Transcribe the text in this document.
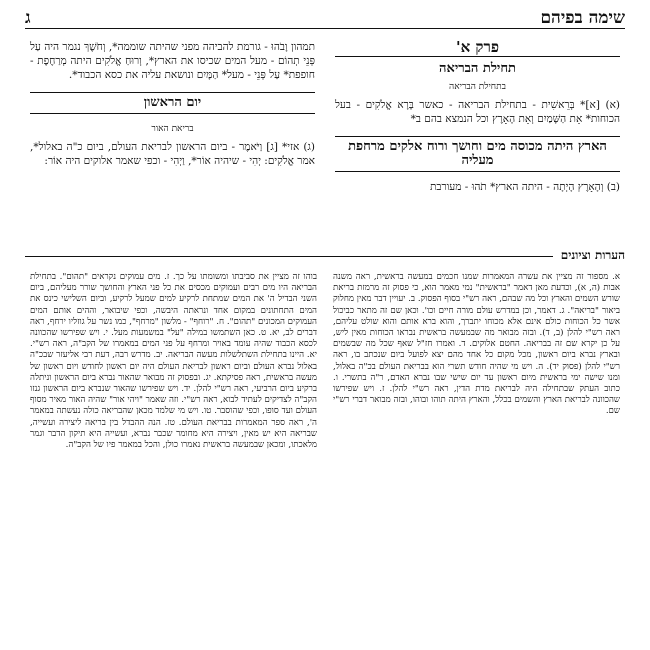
שימה בפיהם
ג
פרק א'
תחילת הבריאה
בתחילת הבריאה

(א) [א]* בְּרֵאשִׁית - בתחילת הבריאה - כאשר בָּרָא אֱלֹקִים - בעל הכוחות* אֵת הַשָּׁמַיִם וְאֵת הָאָרֶץ וכל הנמצא בהם ב*

הארץ היתה מכוסה מים וחושך ורוח אלקים מרחפת מעליה

(ב) וְהָאָרֶץ הָיְתָה - היתה הארץ* תֹהוּ - מעורבת

תמהון וָבֹהוּ - גורמת להביהה מפני שהיתה שוממה*, וְחֹשֶׁךְ נגמר היה עַל פְּנֵי תְהוֹם - מעל המים שכיסו את הארץ*, וְרוּחַ אֱלֹקִים היתה מְרַחֶפֶת - חופפת* עַל פְּנֵי - מעל* הַמָּיִם ונושאת עליה את כסא הכבוד*.

יום הראשון
בריאת האור

(ג) אזי* [ג] וַיֹּאמֶר - ביום הראשון לבריאת העולם, ביום כ"ה באלול*, אמר אֱלֹקִים: יְהִי - שיהיה אוֹר*, וַיְהִי - וכפי שאמר אלוקים היה אוֹר:

הערות וציונים

א. מספור זה מציין את עשרה המאמרות שמנו חכמים במעשה בראשית, ראה משנה אבות (ה, א), וכדעת מאן דאמר "בראשית" נמי מאמר הוא, כי פסוק זה מרמזת בריאת שורש השמים והארץ וכל מה שבהם, ראה רש"י בסוף הפסוק. ב. יעויין דבר מאין מחלוק ביאור "בריאה". ג. דאמר, וכן במדרש עולם מורה חיים וכו'. וכאן שם זה מתאר כביכול אשר כל הכוחות כולם אינם אלא מכוחו יתברך, והוא ברא אותם והוא שולט עליהם, ראה רש"י להלן (ב, ד). ובזה מבואר מה שבמעשה בראשית נבראו הכוחות מאין ליש, על כן יקרא שם זה בבריאה. החטם אלוקים. ד. ואמרו חז"ל שאף שכל מה שבשמים ובארץ נברא ביום ראשון, מכל מקום כל אחד מהם יצא לפועל ביום שנכתב בו, ראה רש"י להלן (פסוק יד). ה. ויש מי שהיה חודש תשרי הוא בבריאת העולם בכ"ה באלול, ומנו שישה ימי בראשית מיום ראשון עד יום שישי שבו נברא האדם, ר"ה בתשרי. ו. כתוב העתק שבתחילה היה לבריאת מדת הדין, ראה רש"י להלן. ז. ויש שפירשו שהכוונה לבריאת הארץ והשמים בכלל, והארץ היתה תוהו ובוהו, ובזה מבואר דברי רש"י שם.

בוהו זה מציין את סביבתו ומשומתו על כך. ז. מים עמוקים נקראים "תהום". בתחילת הבריאה היו מים רבים ועמוקים מכסים את כל פני הארץ והחושך שורר מעליהם, ביום השני הבדיל ה' את המים שמתחת לרקיע למים שמעל לרקיע, וביום השלישי כינס את המים התחתונים במקום אחד ונראתה היבשה, וכפי שיבואר, וההים אותם המים העמוקים המכונים "תהום". ח. "רוחף" - מלשון "מרחף", כמו נשר על גוזליו ירחף, ראה דברים לב, יא. ט. כאן השתמשו במילה "על" במשמעות מעל. י. ויש שפירשו שהכוונה לכסא הכבוד שהיה עומד באויר ומרחף על פני המים במאמרו של הקב"ה, ראה רש"י. יא. היינו בתחילת השתלשלות מעשה הבריאה. יב. מדרש רבה, דעת רבי אליעזר שבכ"ה באלול נברא העולם וביום ראשון לבריאת העולם היה יום ראשון לחודש ויום ראשון של מעשה בראשית, ראה פסיקתא. יג. ובפסוק זה מבואר שהאור נברא ביום הראשון וניתלה ברקיע ביום הרביעי, ראה רש"י להלן. יד. ויש שפירשו שהאור שנברא ביום הראשון גנזו הקב"ה לצדיקים לעתיד לבוא, ראה רש"י. וזה שאמר "ויהי אור" שהיה האור מאיר מסוף העולם ועד סופו, וכפי שהוסבר. טו. ויש מי שלמד מכאן שהבריאה כולה נעשתה במאמר ה', ראה ספר המאמרות בבריאת העולם. טז. הנה ההבדל בין בריאה ליצירה ועשייה, שבריאה היא יש מאין, ויצירה היא מחומר שכבר נברא, ועשייה היא תיקון הדבר וגמר מלאכתו, ומכאן שבמעשה בראשית נאמרו כולן, והכל במאמר פיו של הקב"ה.
